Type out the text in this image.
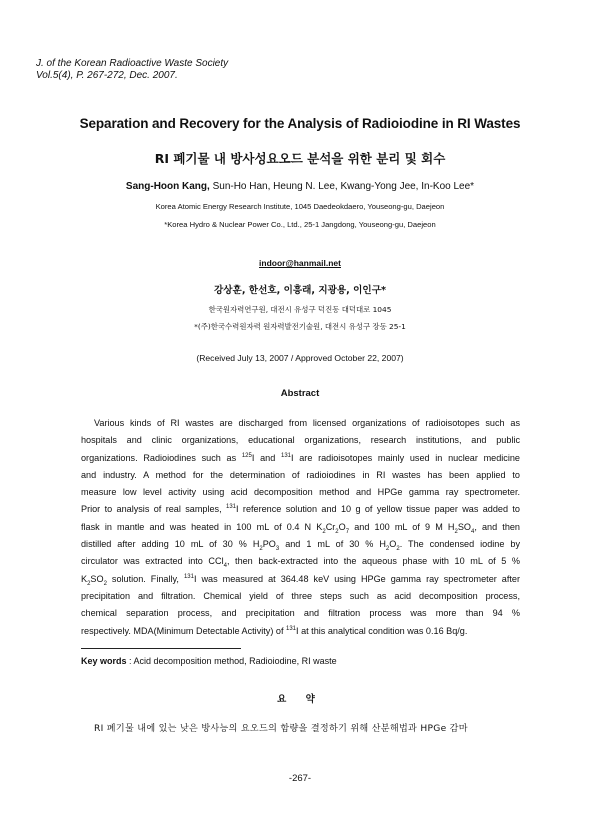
J. of the Korean Radioactive Waste Society
Vol.5(4), P. 267-272, Dec. 2007.
Separation and Recovery for the Analysis of Radioiodine in RI Wastes
RI 폐기물 내 방사성요오드 분석을 위한 분리 및 회수
Sang-Hoon Kang, Sun-Ho Han, Heung N. Lee, Kwang-Yong Jee, In-Koo Lee*
Korea Atomic Energy Research Institute, 1045 Daedeokdaero, Youseong-gu, Daejeon
*Korea Hydro & Nuclear Power Co., Ltd., 25-1 Jangdong, Youseong-gu, Daejeon
indoor@hanmail.net
강상훈, 한선호, 이흥래, 지광용, 이인구*
한국원자력연구원, 대전시 유성구 덕진동 대덕대로 1045
*(주)한국수력원자력 원자력발전기술원, 대전시 유성구 장동 25-1
(Received July 13, 2007 / Approved October 22, 2007)
Abstract
Various kinds of RI wastes are discharged from licensed organizations of radioisotopes such as
hospitals and clinic organizations, educational organizations, research institutions, and public
organizations. Radioiodines such as $^{125}$I and $^{131}$I are radioisotopes mainly used in nuclear medicine
and industry. A method for the determination of radioiodines in RI wastes has been applied to
measure low level activity using acid decomposition method and HPGe gamma ray spectrometer.
Prior to analysis of real samples, $^{131}$I reference solution and 10 g of yellow tissue paper was added to
flask in mantle and was heated in 100 mL of 0.4 N $K_2Cr_2O_7$ and 100 mL of 9 M $H_2SO_4$, and then
distilled after adding 10 mL of 30 % $H_2PO_3$ and 1 mL of 30 % $H_2O_2$. The condensed iodine by
circulator was extracted into CCl$_4$, then back-extracted into the aqueous phase with 10 mL of 5 %
$K_2SO_2$ solution. Finally, $^{131}$I was measured at 364.48 keV using HPGe gamma ray spectrometer after
precipitation and filtration. Chemical yield of three steps such as acid decomposition process,
chemical separation process, and precipitation and filtration process was more than 94 %
respectively. MDA(Minimum Detectable Activity) of $^{131}$I at this analytical condition was 0.16 Bq/g.
Key words : Acid decomposition method, Radioiodine, RI waste
요 약
RI 폐기물 내에 있는 낮은 방사능의 요오드의 함량을 결정하기 위해 산분해법과 HPGe 감마
-267-
